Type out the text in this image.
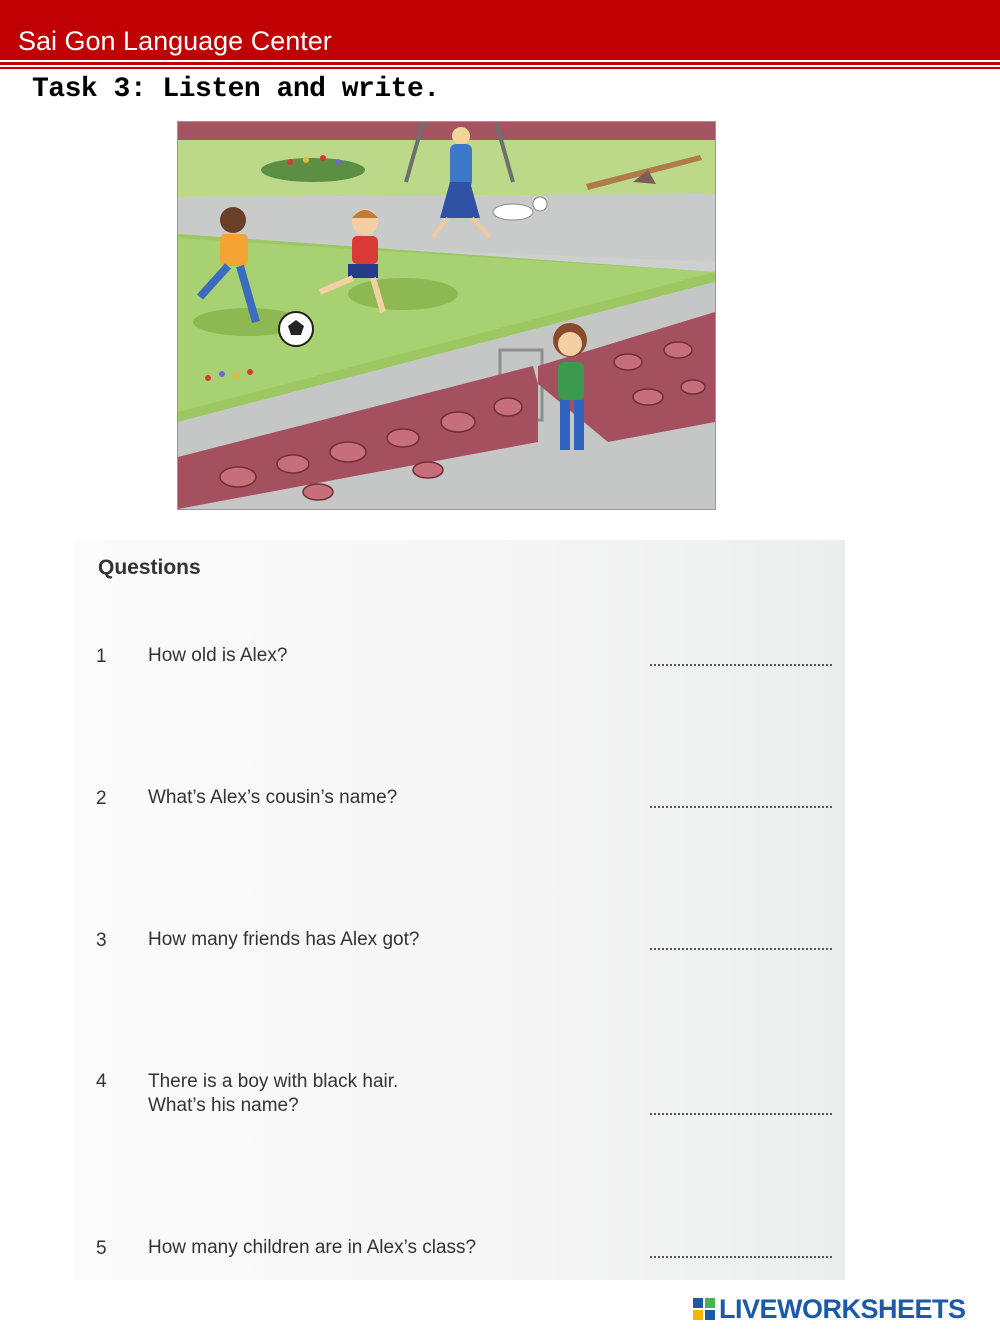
Sai Gon Language Center
Task 3: Listen and write.
Questions
1 How old is Alex?
2 What’s Alex’s cousin’s name?
3 How many friends has Alex got?
4 There is a boy with black hair.
What’s his name?
5 How many children are in Alex’s class?
LIVEWORKSHEETS
